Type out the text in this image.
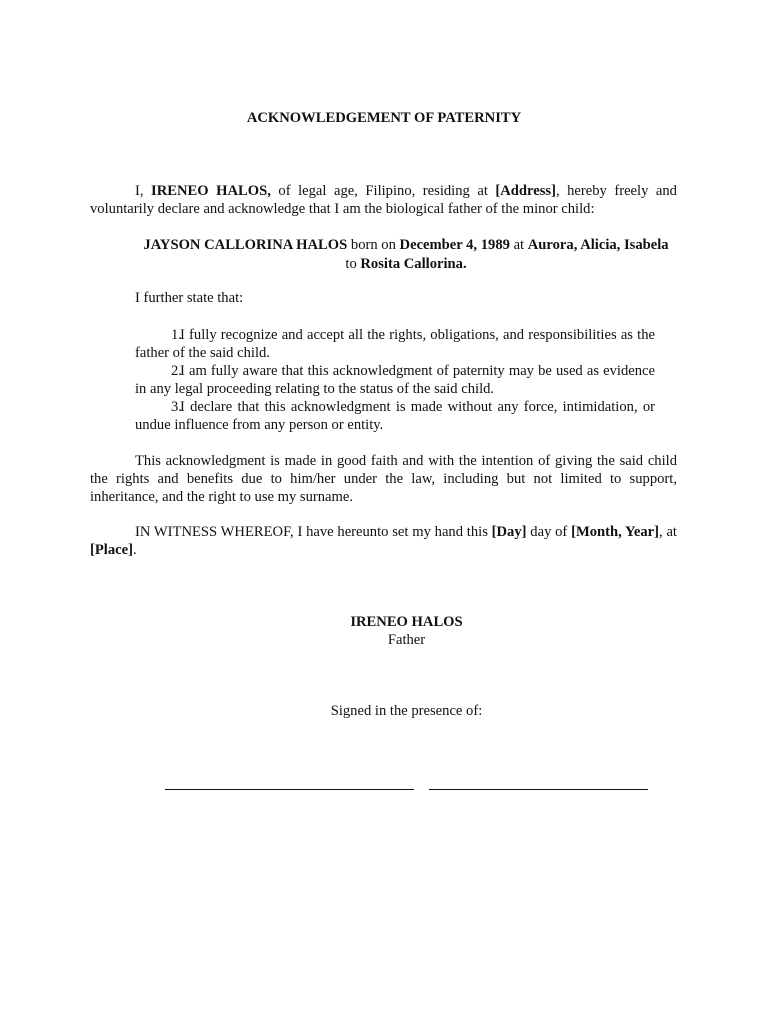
ACKNOWLEDGEMENT OF PATERNITY
I, IRENEO HALOS, of legal age, Filipino, residing at [Address], hereby freely and voluntarily declare and acknowledge that I am the biological father of the minor child:
JAYSON CALLORINA HALOS born on December 4, 1989 at Aurora, Alicia, Isabela
to Rosita Callorina.
I further state that:
1.I fully recognize and accept all the rights, obligations, and responsibilities as the father of the said child.
2.I am fully aware that this acknowledgment of paternity may be used as evidence in any legal proceeding relating to the status of the said child.
3.I declare that this acknowledgment is made without any force, intimidation, or undue influence from any person or entity.
This acknowledgment is made in good faith and with the intention of giving the said child the rights and benefits due to him/her under the law, including but not limited to support, inheritance, and the right to use my surname.
IN WITNESS WHEREOF, I have hereunto set my hand this [Day] day of [Month, Year], at [Place].
IRENEO HALOS
Father
Signed in the presence of:
